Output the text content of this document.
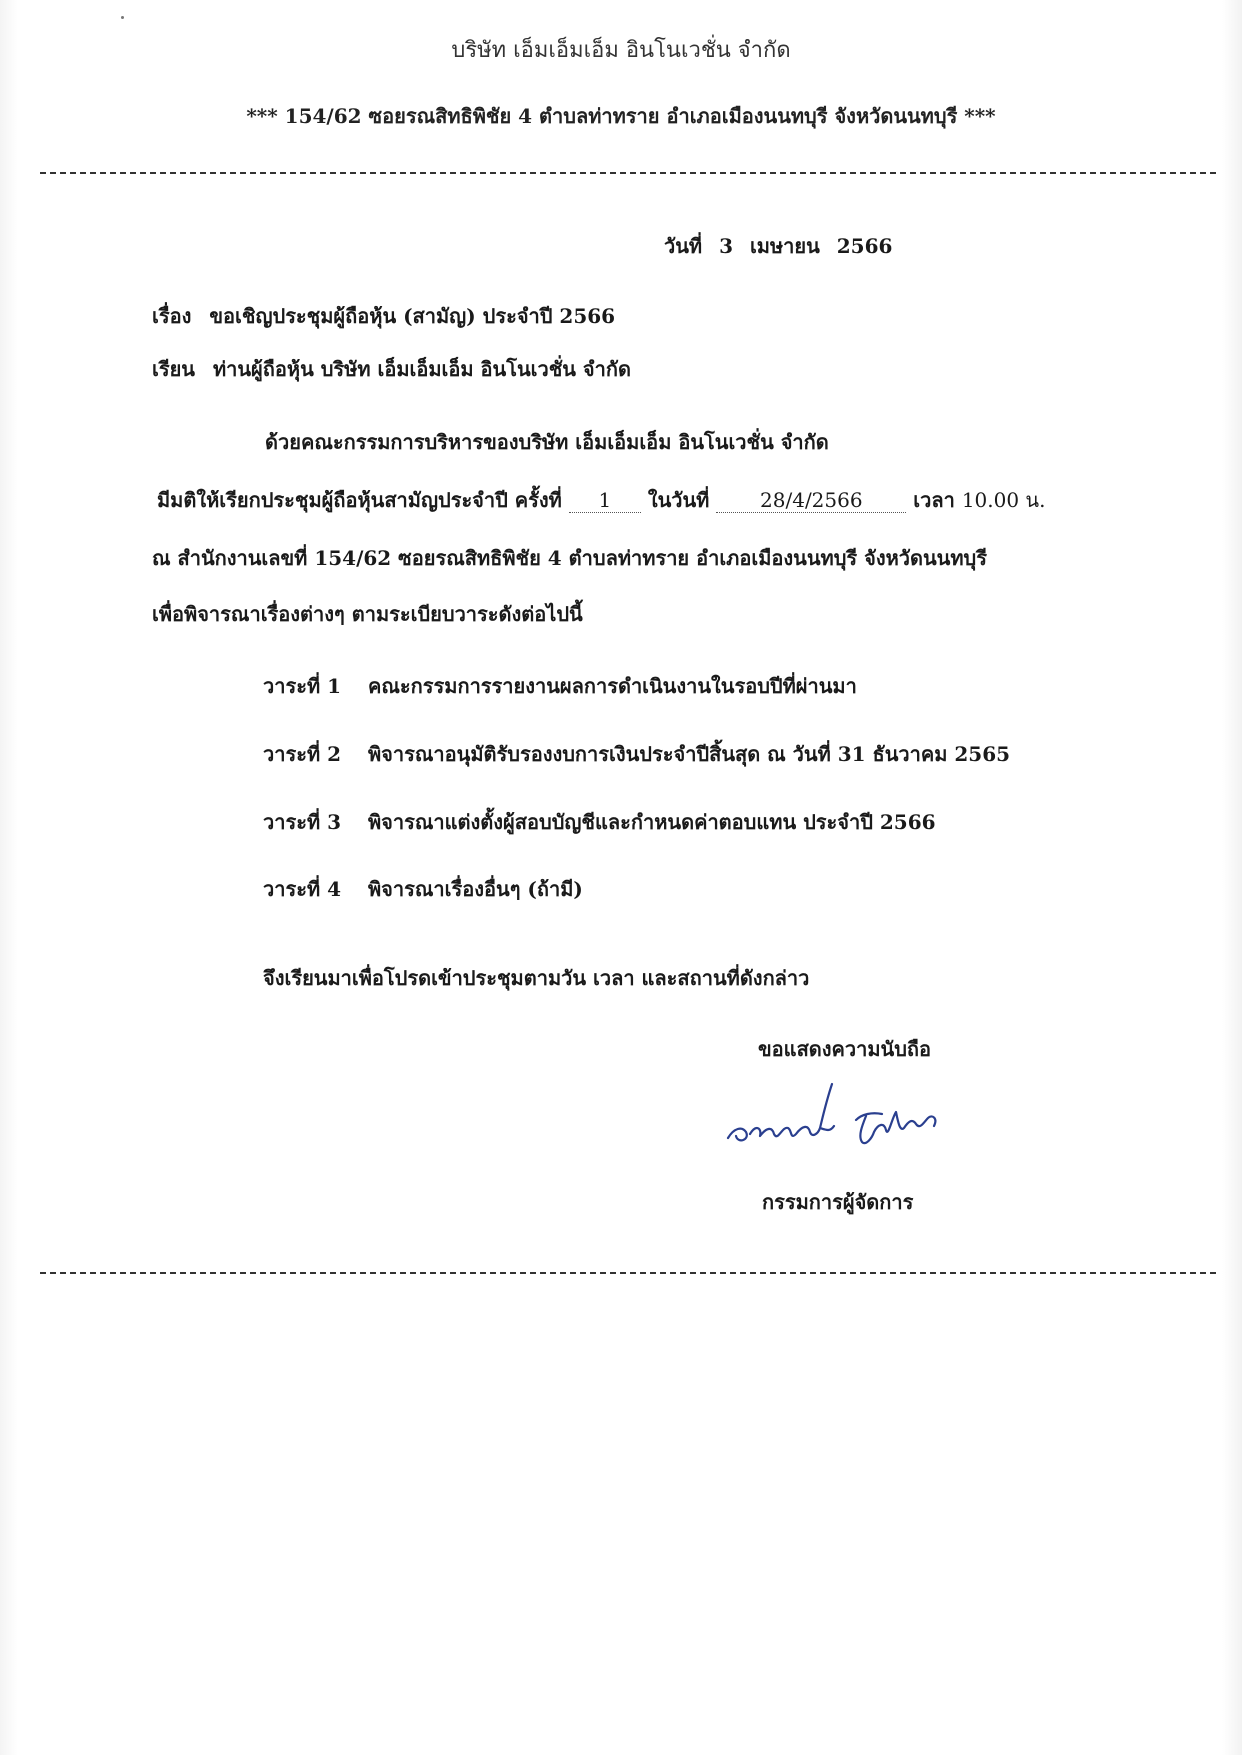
บริษัท เอ็มเอ็มเอ็ม อินโนเวชั่น จำกัด
*** 154/62 ซอยรณสิทธิพิชัย 4 ตำบลท่าทราย อำเภอเมืองนนทบุรี จังหวัดนนทบุรี ***
วันที่ 3 เมษายน 2566
เรื่อง ขอเชิญประชุมผู้ถือหุ้น (สามัญ) ประจำปี 2566
เรียน ท่านผู้ถือหุ้น บริษัท เอ็มเอ็มเอ็ม อินโนเวชั่น จำกัด
ด้วยคณะกรรมการบริหารของบริษัท เอ็มเอ็มเอ็ม อินโนเวชั่น จำกัด
มีมติให้เรียกประชุมผู้ถือหุ้นสามัญประจำปี ครั้งที่ 1 ในวันที่	28/4/2566	เวลา 10.00 น.
ณ สำนักงานเลขที่ 154/62 ซอยรณสิทธิพิชัย 4 ตำบลท่าทราย อำเภอเมืองนนทบุรี จังหวัดนนทบุรี
เพื่อพิจารณาเรื่องต่างๆ ตามระเบียบวาระดังต่อไปนี้
วาระที่ 1 คณะกรรมการรายงานผลการดำเนินงานในรอบปีที่ผ่านมา
วาระที่ 2 พิจารณาอนุมัติรับรองงบการเงินประจำปีสิ้นสุด ณ วันที่ 31 ธันวาคม 2565
วาระที่ 3 พิจารณาแต่งตั้งผู้สอบบัญชีและกำหนดค่าตอบแทน ประจำปี 2566
วาระที่ 4 พิจารณาเรื่องอื่นๆ (ถ้ามี)
จึงเรียนมาเพื่อโปรดเข้าประชุมตามวัน เวลา และสถานที่ดังกล่าว
ขอแสดงความนับถือ
กรรมการผู้จัดการ
